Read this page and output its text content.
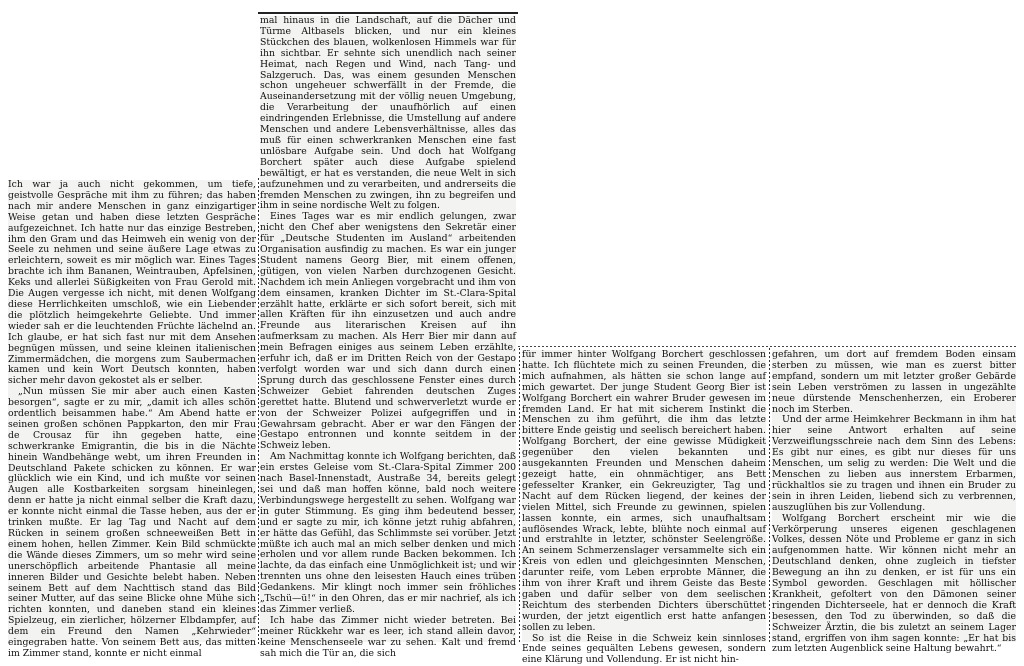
Ich war ja auch nicht gekommen, um tiefe, geistvolle Gespräche mit ihm zu führen; das haben nach mir andere Menschen in ganz einzigartiger Weise getan und haben diese letzten Gespräche aufgezeichnet. Ich hatte nur das einzige Bestreben, ihm den Gram und das Heimweh ein wenig von der Seele zu nehmen und seine äußere Lage etwas zu erleichtern, soweit es mir möglich war. Eines Tages brachte ich ihm Bananen, Weintrauben, Apfelsinen, Keks und allerlei Süßigkeiten von Frau Gerold mit. Die Augen vergesse ich nicht, mit denen Wolfgang diese Herrlichkeiten umschloß, wie ein Liebender die plötzlich heimgekehrte Geliebte. Und immer wieder sah er die leuchtenden Früchte lächelnd an. Ich glaube, er hat sich fast nur mit dem Ansehen begnügen müssen, und seine kleinen italienischen Zimmermädchen, die morgens zum Saubermachen kamen und kein Wort Deutsch konnten, haben sicher mehr davon gekostet als er selber.

„Nun müssen Sie mir aber auch einen Kasten besorgen“, sagte er zu mir, „damit ich alles schön ordentlich beisammen habe.“ Am Abend hatte er seinen großen schönen Pappkarton, den mir Frau de Crousaz für ihn gegeben hatte, eine schwerkranke Emigrantin, die bis in die Nächte hinein Wandbehänge webt, um ihren Freunden in Deutschland Pakete schicken zu können. Er war glücklich wie ein Kind, und ich mußte vor seinen Augen alle Kostbarkeiten sorgsam hineinlegen, denn er hatte ja nicht einmal selber die Kraft dazu, er konnte nicht einmal die Tasse heben, aus der er trinken mußte. Er lag Tag und Nacht auf dem Rücken in seinem großen schneeweißen Bett in einem hohen, hellen Zimmer. Kein Bild schmückte die Wände dieses Zimmers, um so mehr wird seine unerschöpflich arbeitende Phantasie all meine inneren Bilder und Gesichte belebt haben. Neben seinem Bett auf dem Nachttisch stand das Bild seiner Mutter, auf das seine Blicke ohne Mühe sich richten konnten, und daneben stand ein kleines Spielzeug, ein zierlicher, hölzerner Elbdampfer, auf dem ein Freund den Namen „Kehrwieder“ eingegraben hatte. Von seinem Bett aus, das mitten im Zimmer stand, konnte er nicht einmal

mal hinaus in die Landschaft, auf die Dächer und Türme Altbasels blicken, und nur ein kleines Stückchen des blauen, wolkenlosen Himmels war für ihn sichtbar. Er sehnte sich unendlich nach seiner Heimat, nach Regen und Wind, nach Tang- und Salzgeruch. Das, was einem gesunden Menschen schon ungeheuer schwerfällt in der Fremde, die Auseinandersetzung mit der völlig neuen Umgebung, die Verarbeitung der unaufhörlich auf einen eindringenden Erlebnisse, die Umstellung auf andere Menschen und andere Lebensverhältnisse, alles das muß für einen schwerkranken Menschen eine fast unlösbare Aufgabe sein. Und doch hat Wolfgang Borchert später auch diese Aufgabe spielend bewältigt, er hat es verstanden, die neue Welt in sich aufzunehmen und zu verarbeiten, und andrerseits die fremden Menschen zu zwingen, ihn zu begreifen und ihm in seine nordische Welt zu folgen.

Eines Tages war es mir endlich gelungen, zwar nicht den Chef aber wenigstens den Sekretär einer für „Deutsche Studenten im Ausland“ arbeitenden Organisation ausfindig zu machen. Es war ein junger Student namens Georg Bier, mit einem offenen, gütigen, von vielen Narben durchzogenen Gesicht. Nachdem ich mein Anliegen vorgebracht und ihm von dem einsamen, kranken Dichter im St.-Clara-Spital erzählt hatte, erklärte er sich sofort bereit, sich mit allen Kräften für ihn einzusetzen und auch andre Freunde aus literarischen Kreisen auf ihn aufmerksam zu machen. Als Herr Bier mir dann auf mein Befragen einiges aus seinem Leben erzählte, erfuhr ich, daß er im Dritten Reich von der Gestapo verfolgt worden war und sich dann durch einen Sprung durch das geschlossene Fenster eines durch Schweizer Gebiet fahrenden deutschen Zuges gerettet hatte. Blutend und schwerverletzt wurde er von der Schweizer Polizei aufgegriffen und in Gewahrsam gebracht. Aber er war den Fängen der Gestapo entronnen und konnte seitdem in der Schweiz leben.

Am Nachmittag konnte ich Wolfgang berichten, daß ein erstes Geleise vom St.-Clara-Spital Zimmer 200 nach Basel-Innenstadt, Austraße 34, bereits gelegt sei und daß man hoffen könne, bald noch weitere Verbindungswege hergestellt zu sehen. Wolfgang war in guter Stimmung. Es ging ihm bedeutend besser, und er sagte zu mir, ich könne jetzt ruhig abfahren, er hätte das Gefühl, das Schlimmste sei vorüber. Jetzt müßte ich auch mal an mich selber denken und mich erholen und vor allem runde Backen bekommen. Ich lachte, da das einfach eine Unmöglichkeit ist; und wir trennten uns ohne den leisesten Hauch eines trüben Gedankens. Mir klingt noch immer sein fröhliches „Tschü—ü!“ in den Ohren, das er mir nachrief, als ich das Zimmer verließ.

Ich habe das Zimmer nicht wieder betreten. Bei meiner Rückkehr war es leer, ich stand allein davor, keine Menschenseele war zu sehen. Kalt und fremd sah mich die Tür an, die sich

für immer hinter Wolfgang Borchert geschlossen hatte. Ich flüchtete mich zu seinen Freunden, die mich aufnahmen, als hätten sie schon lange auf mich gewartet. Der junge Student Georg Bier ist Wolfgang Borchert ein wahrer Bruder gewesen im fremden Land. Er hat mit sicherem Instinkt die Menschen zu ihm geführt, die ihm das letzte bittere Ende geistig und seelisch bereichert haben. Wolfgang Borchert, der eine gewisse Müdigkeit gegenüber den vielen bekannten und ausgekannten Freunden und Menschen daheim gezeigt hatte, ein ohnmächtiger, ans Bett gefesselter Kranker, ein Gekreuzigter, Tag und Nacht auf dem Rücken liegend, der keines der vielen Mittel, sich Freunde zu gewinnen, spielen lassen konnte, ein armes, sich unaufhaltsam auflösendes Wrack, lebte, blühte noch einmal auf und erstrahlte in letzter, schönster Seelengröße. An seinem Schmerzenslager versammelte sich ein Kreis von edlen und gleichgesinnten Menschen, darunter reife, vom Leben erprobte Männer, die ihm von ihrer Kraft und ihrem Geiste das Beste gaben und dafür selber von dem seelischen Reichtum des sterbenden Dichters überschüttet wurden, der jetzt eigentlich erst hatte anfangen sollen zu leben.

So ist die Reise in die Schweiz kein sinnloses Ende seines gequälten Lebens gewesen, sondern eine Klärung und Vollendung. Er ist nicht hin-

gefahren, um dort auf fremdem Boden einsam sterben zu müssen, wie man es zuerst bitter empfand, sondern um mit letzter großer Gebärde sein Leben verströmen zu lassen in ungezählte neue dürstende Menschenherzen, ein Eroberer noch im Sterben.

Und der arme Heimkehrer Beckmann in ihm hat hier seine Antwort erhalten auf seine Verzweiflungsschreie nach dem Sinn des Lebens: Es gibt nur eines, es gibt nur dieses für uns Menschen, um selig zu werden: Die Welt und die Menschen zu lieben aus innerstem Erbarmen, rückhaltlos sie zu tragen und ihnen ein Bruder zu sein in ihren Leiden, liebend sich zu verbrennen, auszuglühen bis zur Vollendung.

Wolfgang Borchert erscheint mir wie die Verkörperung unseres eigenen geschlagenen Volkes, dessen Nöte und Probleme er ganz in sich aufgenommen hatte. Wir können nicht mehr an Deutschland denken, ohne zugleich in tiefster Bewegung an ihn zu denken, er ist für uns ein Symbol geworden. Geschlagen mit höllischer Krankheit, gefoltert von den Dämonen seiner ringenden Dichterseele, hat er dennoch die Kraft besessen, den Tod zu überwinden, so daß die Schweizer Ärztin, die bis zuletzt an seinem Lager stand, ergriffen von ihm sagen konnte: „Er hat bis zum letzten Augenblick seine Haltung bewahrt.“
